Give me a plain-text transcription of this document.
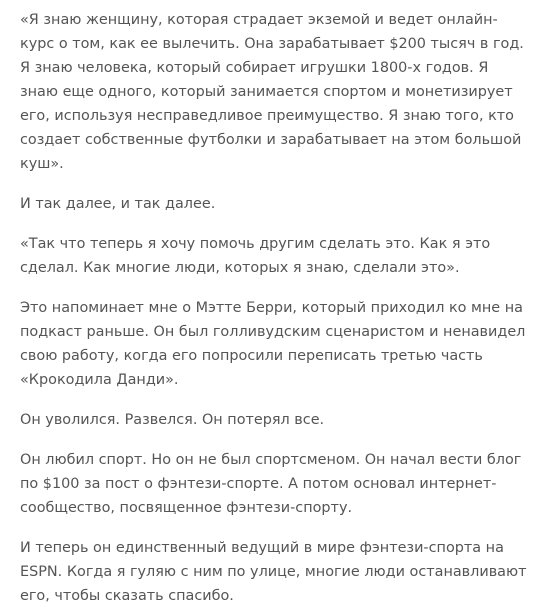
«Я знаю женщину, которая страдает экземой и ведет онлайн-курс о том, как ее вылечить. Она зарабатывает $200 тысяч в год. Я знаю человека, который собирает игрушки 1800-х годов. Я знаю еще одного, который занимается спортом и монетизирует его, используя несправедливое преимущество. Я знаю того, кто создает собственные футболки и зарабатывает на этом большой куш».

И так далее, и так далее.

«Так что теперь я хочу помочь другим сделать это. Как я это сделал. Как многие люди, которых я знаю, сделали это».

Это напоминает мне о Мэтте Берри, который приходил ко мне на подкаст раньше. Он был голливудским сценаристом и ненавидел свою работу, когда его попросили переписать третью часть «Крокодила Данди».

Он уволился. Развелся. Он потерял все.

Он любил спорт. Но он не был спортсменом. Он начал вести блог по $100 за пост о фэнтези-спорте. А потом основал интернет-сообщество, посвященное фэнтези-спорту.

И теперь он единственный ведущий в мире фэнтези-спорта на ESPN. Когда я гуляю с ним по улице, многие люди останавливают его, чтобы сказать спасибо.
